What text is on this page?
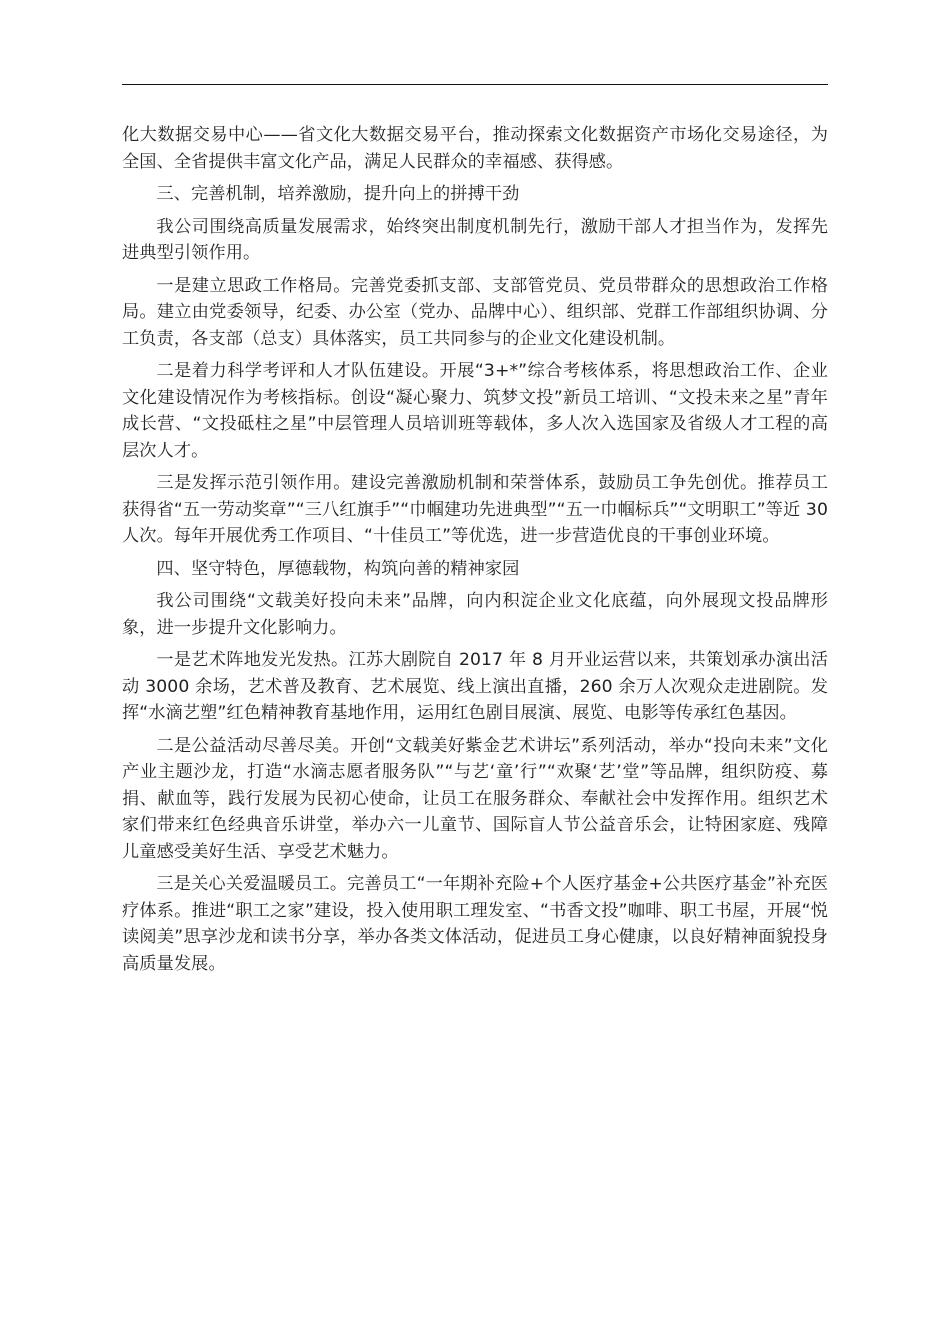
化大数据交易中心——省文化大数据交易平台，推动探索文化数据资产市场化交易途径，为全国、全省提供丰富文化产品，满足人民群众的幸福感、获得感。

三、完善机制，培养激励，提升向上的拼搏干劲

我公司围绕高质量发展需求，始终突出制度机制先行，激励干部人才担当作为，发挥先进典型引领作用。

一是建立思政工作格局。完善党委抓支部、支部管党员、党员带群众的思想政治工作格局。建立由党委领导，纪委、办公室（党办、品牌中心）、组织部、党群工作部组织协调、分工负责，各支部（总支）具体落实，员工共同参与的企业文化建设机制。

二是着力科学考评和人才队伍建设。开展“3+*”综合考核体系，将思想政治工作、企业文化建设情况作为考核指标。创设“凝心聚力、筑梦文投”新员工培训、“文投未来之星”青年成长营、“文投砥柱之星”中层管理人员培训班等载体，多人次入选国家及省级人才工程的高层次人才。

三是发挥示范引领作用。建设完善激励机制和荣誉体系，鼓励员工争先创优。推荐员工获得省“五一劳动奖章”“三八红旗手”“巾帼建功先进典型”“五一巾帼标兵”“文明职工”等近 30 人次。每年开展优秀工作项目、“十佳员工”等优选，进一步营造优良的干事创业环境。

四、坚守特色，厚德载物，构筑向善的精神家园

我公司围绕“文载美好投向未来”品牌，向内积淀企业文化底蕴，向外展现文投品牌形象，进一步提升文化影响力。

一是艺术阵地发光发热。江苏大剧院自 2017 年 8 月开业运营以来，共策划承办演出活动 3000 余场，艺术普及教育、艺术展览、线上演出直播，260 余万人次观众走进剧院。发挥“水滴艺塑”红色精神教育基地作用，运用红色剧目展演、展览、电影等传承红色基因。

二是公益活动尽善尽美。开创“文载美好紫金艺术讲坛”系列活动，举办“投向未来”文化产业主题沙龙，打造“水滴志愿者服务队”“与艺‘童’行”“欢聚‘艺’堂”等品牌，组织防疫、募捐、献血等，践行发展为民初心使命，让员工在服务群众、奉献社会中发挥作用。组织艺术家们带来红色经典音乐讲堂，举办六一儿童节、国际盲人节公益音乐会，让特困家庭、残障儿童感受美好生活、享受艺术魅力。

三是关心关爱温暖员工。完善员工“一年期补充险+个人医疗基金+公共医疗基金”补充医疗体系。推进“职工之家”建设，投入使用职工理发室、“书香文投”咖啡、职工书屋，开展“悦读阅美”思享沙龙和读书分享，举办各类文体活动，促进员工身心健康，以良好精神面貌投身高质量发展。
